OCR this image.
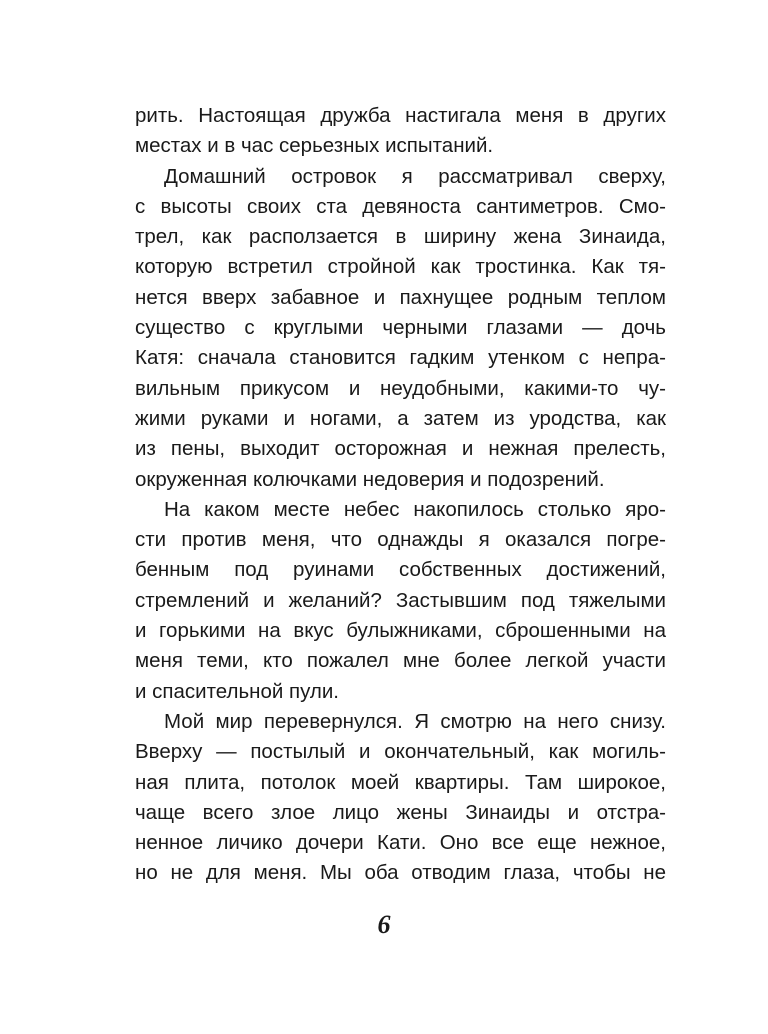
рить. Настоящая дружба настигала меня в других
местах и в час серьезных испытаний.
Домашний островок я рассматривал сверху,
с высоты своих ста девяноста сантиметров. Смо-
трел, как расползается в ширину жена Зинаида,
которую встретил стройной как тростинка. Как тя-
нется вверх забавное и пахнущее родным теплом
существо с круглыми черными глазами — дочь
Катя: сначала становится гадким утенком с непра-
вильным прикусом и неудобными, какими-то чу-
жими руками и ногами, а затем из уродства, как
из пены, выходит осторожная и нежная прелесть,
окруженная колючками недоверия и подозрений.
На каком месте небес накопилось столько яро-
сти против меня, что однажды я оказался погре-
бенным под руинами собственных достижений,
стремлений и желаний? Застывшим под тяжелыми
и горькими на вкус булыжниками, сброшенными на
меня теми, кто пожалел мне более легкой участи
и спасительной пули.
Мой мир перевернулся. Я смотрю на него снизу.
Вверху — постылый и окончательный, как могиль-
ная плита, потолок моей квартиры. Там широкое,
чаще всего злое лицо жены Зинаиды и отстра-
ненное личико дочери Кати. Оно все еще нежное,
но не для меня. Мы оба отводим глаза, чтобы не
6
